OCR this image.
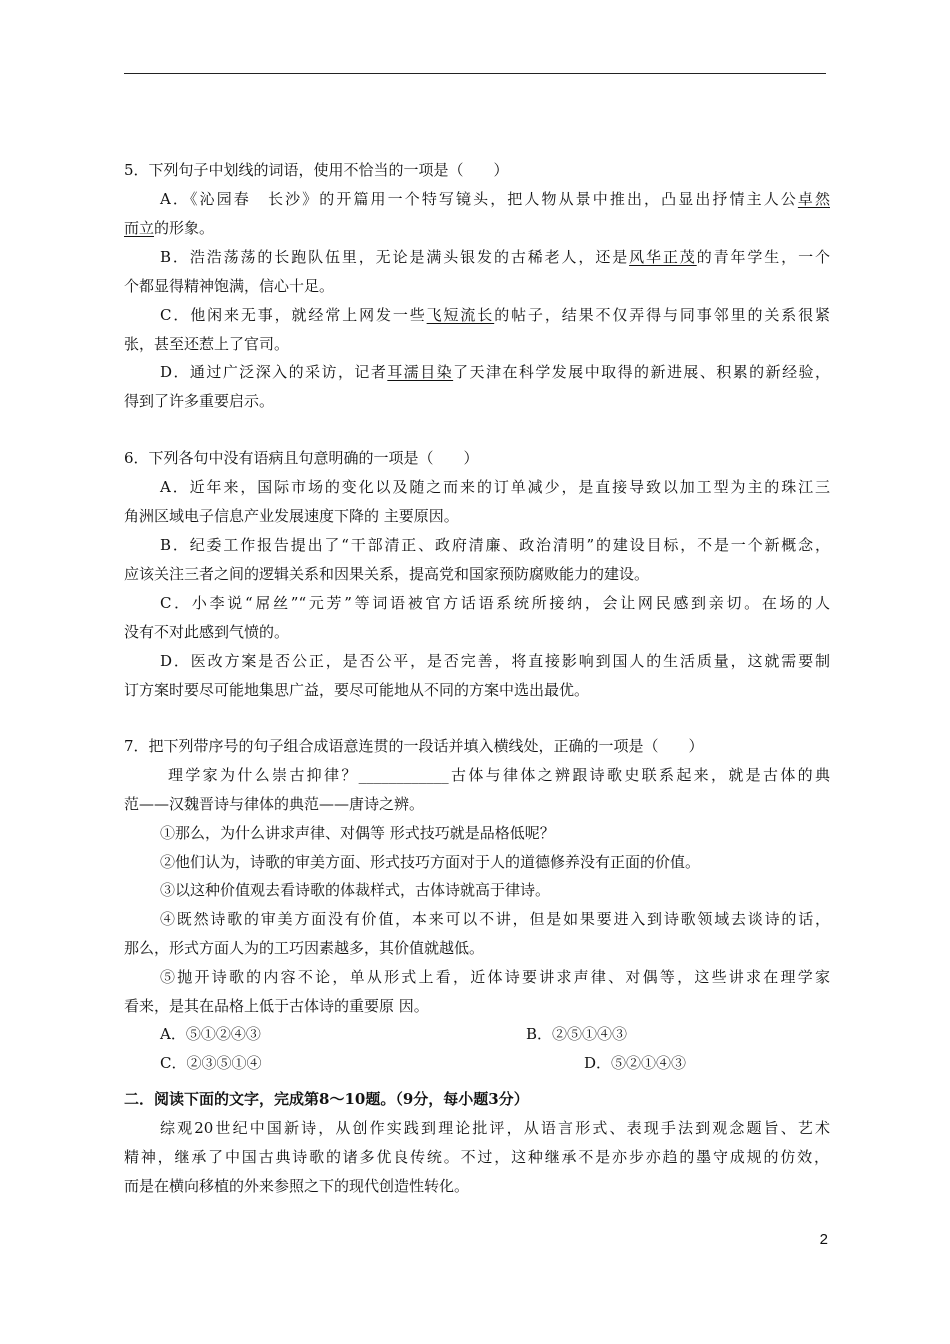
5．下列句子中划线的词语，使用不恰当的一项是（　　）
A．《沁园春　长沙》的开篇用一个特写镜头，把人物从景中推出，凸显出抒情主人公卓然
而立的形象。
B．浩浩荡荡的长跑队伍里，无论是满头银发的古稀老人，还是风华正茂的青年学生，一个
个都显得精神饱满，信心十足。
C．他闲来无事，就经常上网发一些飞短流长的帖子，结果不仅弄得与同事邻里的关系很紧
张，甚至还惹上了官司。
D．通过广泛深入的采访，记者耳濡目染了天津在科学发展中取得的新进展、积累的新经验，
得到了许多重要启示。
6．下列各句中没有语病且句意明确的一项是（　　）
A．近年来，国际市场的变化以及随之而来的订单减少，是直接导致以加工型为主的珠江三
角洲区域电子信息产业发展速度下降的 主要原因。
B．纪委工作报告提出了“干部清正、政府清廉、政治清明”的建设目标，不是一个新概念，
应该关注三者之间的逻辑关系和因果关系，提高党和国家预防腐败能力的建设。
C．小李说“屌丝”“元芳”等词语被官方话语系统所接纳，会让网民感到亲切。在场的人
没有不对此感到气愤的。
D．医改方案是否公正，是否公平，是否完善，将直接影响到国人的生活质量，这就需要制
订方案时要尽可能地集思广益，要尽可能地从不同的方案中选出最优。
7．把下列带序号的句子组合成语意连贯的一段话并填入横线处，正确的一项是（　　）
理学家为什么崇古抑律？____________古体与律体之辨跟诗歌史联系起来，就是古体的典
范——汉魏晋诗与律体的典范——唐诗之辨。
①那么，为什么讲求声律、对偶等 形式技巧就是品格低呢？
②他们认为，诗歌的审美方面、形式技巧方面对于人的道德修养没有正面的价值。
③以这种价值观去看诗歌的体裁样式，古体诗就高于律诗。
④既然诗歌的审美方面没有价值，本来可以不讲，但是如果要进入到诗歌领域去谈诗的话，
那么，形式方面人为的工巧因素越多，其价值就越低。
⑤抛开诗歌的内容不论，单从形式上看，近体诗要讲求声律、对偶等，这些讲求在理学家
看来，是其在品格上低于古体诗的重要原 因。
A．⑤①②④③	B．②⑤①④③
C．②③⑤①④	D．⑤②①④③
二．阅读下面的文字，完成第8～10题。（9分，每小题3分）
综观20世纪中国新诗，从创作实践到理论批评，从语言形式、表现手法到观念题旨、艺术
精神，继承了中国古典诗歌的诸多优良传统。不过，这种继承不是亦步亦趋的墨守成规的仿效，
而是在横向移植的外来参照之下的现代创造性转化。
2
